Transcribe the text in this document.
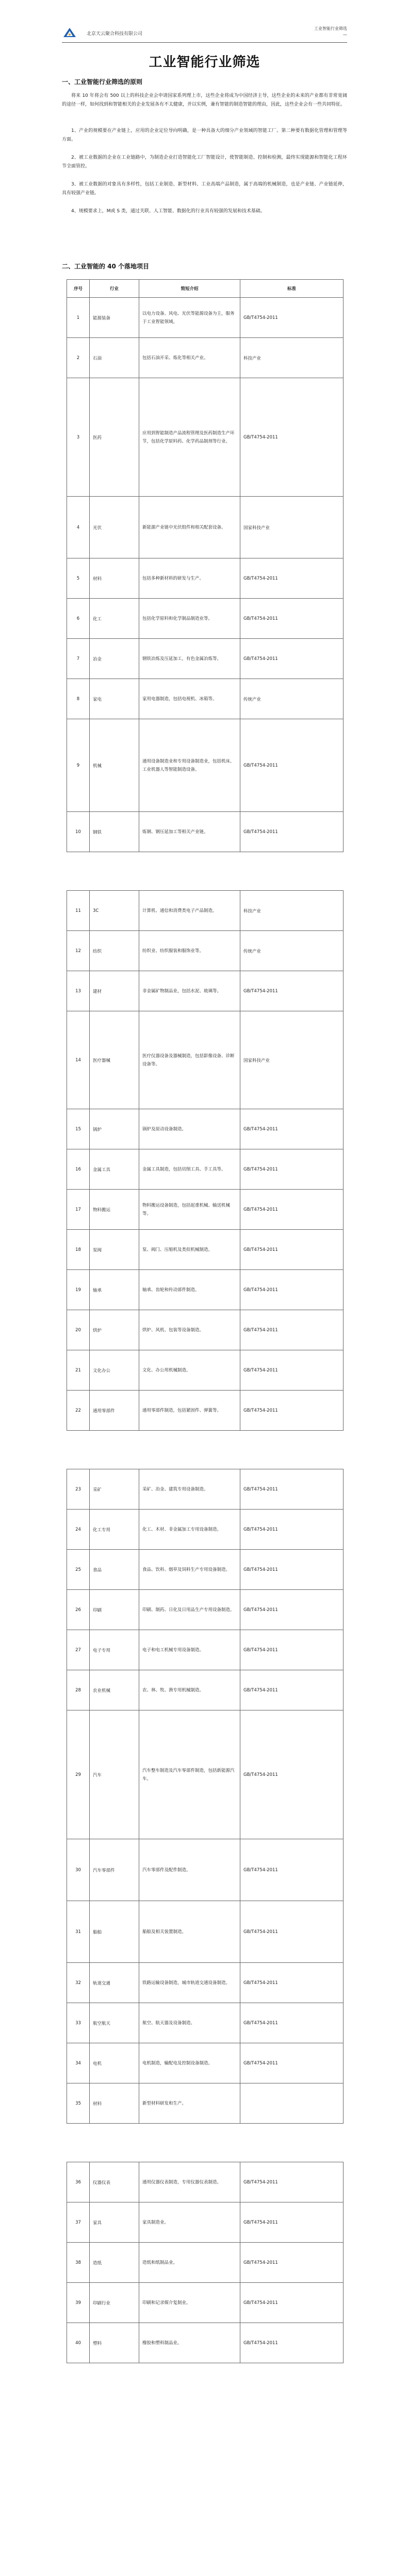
北京天云聚合科技有限公司
工业智能行业筛选
—
工业智能行业筛选
一、工业智能行业筛选的原则
将来 10 年将会有 500 以上的科技企业会申请国家系列理上市，这些企业将成为中国经济主导，这些企业的未来的产业都有非常宽阔的途径一样，如何找到和智能相关的企业发展各有不太健康，并以实例，兼有智能的制造智能的理由，因此，这些企业会有一些共同特征。
1、产业的规模要在产业链上，应用的企业定位导向明确，是一种具备大的细分产业领域的智能工厂。第二种要有数据化管理和管理等方面。
2、被工业数据的企业在工业链路中，为制造企业打造智能化工厂智能设计，使智能制造、控制和检测，最终实现能源和智能化工程环节全面管控。
3、被工业数据的对象具有多样性，包括工业制造、新型材料、工业高端产品制造，属于高端的机械制造，也是产业链、产业链延伸，具有较强产业链。
4、规模要求上，M或 S 类，通过关联、人工智能、数据化的行业具有较强的发展和技术基础。
二、工业智能的 40 个落地项目
序号	行业	简短介绍	标准
1	能源装备	以电力设备、风电、光伏等能源设备为主，服务于工业智能领域。	GB/T4754-2011
2	石油	包括石油开采、炼化等相关产业。	科技产业
3	医药	应用到智能制造产品流程管理及医药制造生产环节，包括化学原料药、化学药品制剂等行业。	GB/T4754-2011
4	光伏	新能源产业链中光伏组件和相关配套设备。	国家科技产业
5	材料	包括多种新材料的研发与生产。	GB/T4754-2011
6	化工	包括化学原料和化学制品制造业等。	GB/T4754-2011
7	冶金	钢铁冶炼及压延加工，有色金属冶炼等。	GB/T4754-2011
8	家电	家用电器制造，包括电视机、冰箱等。	传统产业
9	机械	通用设备制造业和专用设备制造业，包括机床、工业机器人等智能制造设备。	GB/T4754-2011
10	钢铁	炼钢、钢压延加工等相关产业链。	GB/T4754-2011

11	3C	计算机、通信和消费类电子产品制造。	科技产业
12	纺织	纺织业、纺织服装和服饰业等。	传统产业
13	建材	非金属矿物制品业，包括水泥、玻璃等。	GB/T4754-2011
14	医疗器械	医疗仪器设备及器械制造，包括影像设备、诊断设备等。	国家科技产业
15	锅炉	锅炉及原动设备制造。	GB/T4754-2011
16	金属工具	金属工具制造，包括切削工具、手工具等。	GB/T4754-2011
17	物料搬运	物料搬运设备制造，包括起重机械、输送机械等。	GB/T4754-2011
18	泵阀	泵、阀门、压缩机及类似机械制造。	GB/T4754-2011
19	轴承	轴承、齿轮和传动部件制造。	GB/T4754-2011
20	烘炉	烘炉、风机、包装等设备制造。	GB/T4754-2011
21	文化办公	文化、办公用机械制造。	GB/T4754-2011
22	通用零部件	通用零部件制造，包括紧固件、弹簧等。	GB/T4754-2011

23	采矿	采矿、冶金、建筑专用设备制造。	GB/T4754-2011
24	化工专用	化工、木材、非金属加工专用设备制造。	GB/T4754-2011
25	食品	食品、饮料、烟草及饲料生产专用设备制造。	GB/T4754-2011
26	印刷	印刷、制药、日化及日用品生产专用设备制造。	GB/T4754-2011
27	电子专用	电子和电工机械专用设备制造。	GB/T4754-2011
28	农业机械	农、林、牧、渔专用机械制造。	GB/T4754-2011
29	汽车	汽车整车制造及汽车零部件制造，包括新能源汽车。	GB/T4754-2011
30	汽车零部件	汽车零部件及配件制造。	GB/T4754-2011
31	船舶	船舶及相关装置制造。	GB/T4754-2011
32	轨道交通	铁路运输设备制造，城市轨道交通设备制造。	GB/T4754-2011
33	航空航天	航空、航天器及设备制造。	GB/T4754-2011
34	电机	电机制造，输配电及控制设备制造。	GB/T4754-2011
35	材料	新型材料研发和生产。	

36	仪器仪表	通用仪器仪表制造，专用仪器仪表制造。	GB/T4754-2011
37	家具	家具制造业。	GB/T4754-2011
38	造纸	造纸和纸制品业。	GB/T4754-2011
39	印刷行业	印刷和记录媒介复制业。	GB/T4754-2011
40	塑料	橡胶和塑料制品业。	GB/T4754-2011
